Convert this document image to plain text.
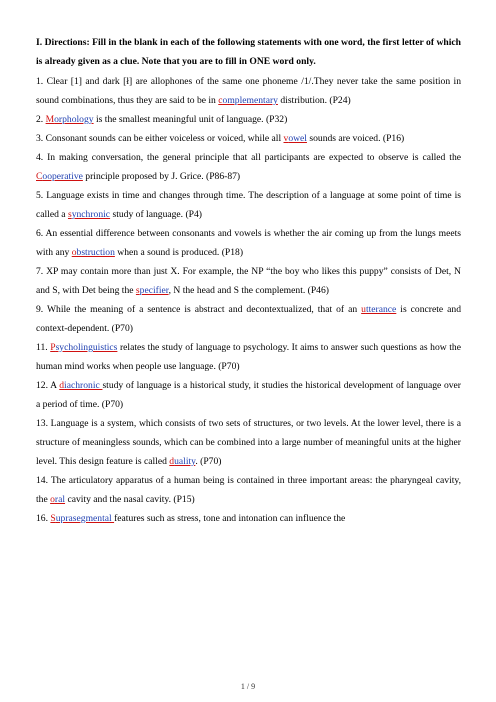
I. Directions: Fill in the blank in each of the following statements with one word, the first letter of which is already given as a clue. Note that you are to fill in ONE word only.

1. Clear [1] and dark [ł] are allophones of the same one phoneme /1/.They never take the same position in sound combinations, thus they are said to be in complementary distribution. (P24)

2. Morphology is the smallest meaningful unit of language. (P32)

3. Consonant sounds can be either voiceless or voiced, while all vowel sounds are voiced. (P16)

4. In making conversation, the general principle that all participants are expected to observe is called the Cooperative principle proposed by J. Grice. (P86-87)

5. Language exists in time and changes through time. The description of a language at some point of time is called a synchronic study of language. (P4)

6. An essential difference between consonants and vowels is whether the air coming up from the lungs meets with any obstruction when a sound is produced. (P18)

7. XP may contain more than just X. For example, the NP “the boy who likes this puppy” consists of Det, N and S, with Det being the specifier, N the head and S the complement. (P46)

9. While the meaning of a sentence is abstract and decontextualized, that of an utterance is concrete and context-dependent. (P70)

11. Psycholinguistics relates the study of language to psychology. It aims to answer such questions as how the human mind works when people use language. (P70)

12. A diachronic study of language is a historical study, it studies the historical development of language over a period of time. (P70)

13. Language is a system, which consists of two sets of structures, or two levels. At the lower level, there is a structure of meaningless sounds, which can be combined into a large number of meaningful units at the higher level. This design feature is called duality. (P70)

14. The articulatory apparatus of a human being is contained in three important areas: the pharyngeal cavity, the oral cavity and the nasal cavity. (P15)

16. Suprasegmental features such as stress, tone and intonation can influence the

1 / 9
